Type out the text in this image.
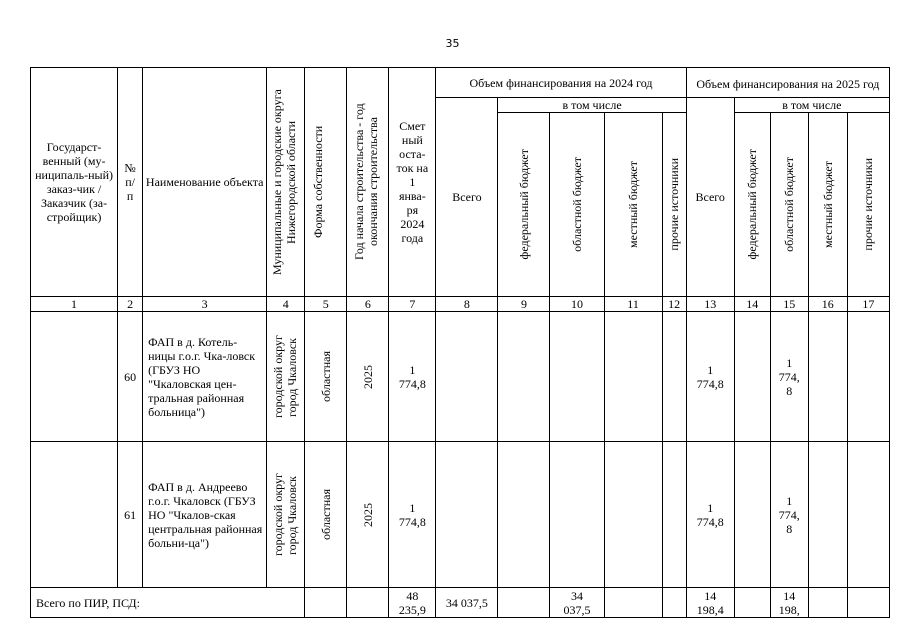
35
Государст-венный (му-ниципаль-ный) заказ-чик / Заказчик (за-стройщик)	№ п/ п	Наименование объекта	Муниципальные и городские округа Нижегородской области	Форма собственности	Год начала строительства - год окончания строительства	Смет ный оста-ток на 1 янва-ря 2024 года	Объем финансирования на 2024 год					Объем финансирования на 2025 год				
							Всего	в том числе				Всего	в том числе			

								федеральный бюджет	областной бюджет	местный бюджет	прочие источники		федеральный бюджет	областной бюджет	местный бюджет	прочие источники

1	2	3	4	5	6	7	8	9	10	11	12	13	14	15	16	17
	60	ФАП в д. Котель-ницы г.о.г. Чка-ловск (ГБУЗ НО "Чкаловская цен-тральная районная больница")	городской округ город Чкаловск	областная	2025	1 774,8						1 774,8		1 774, 8		

	61	ФАП в д. Андреево г.о.г. Чкаловск (ГБУЗ НО "Чкалов-ская центральная районная больни-ца")	городской округ город Чкаловск	областная	2025	1 774,8						1 774,8		1 774, 8		

Всего по ПИР, ПСД:						48 235,9	34 037,5		34 037,5			14 198,4		14 198,		
